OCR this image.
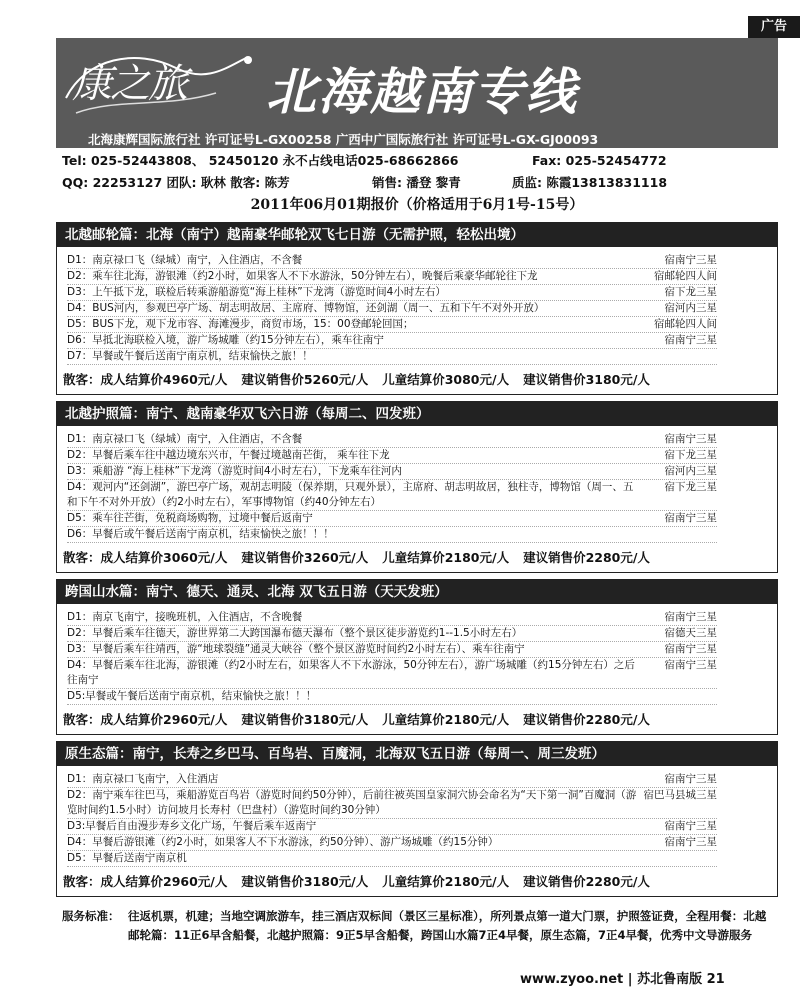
广告
康之旅 北海越南专线
北海康辉国际旅行社 许可证号L-GX00258 广西中广国际旅行社 许可证号L-GX-GJ00093
Tel: 025-52443808、 52450120 永不占线电话025-68662866	Fax: 025-52454772
QQ: 22253127 团队: 耿林 散客: 陈芳	销售: 潘登 黎青	质监: 陈霞13813831118
2011年06月01期报价（价格适用于6月1号-15号）
北越邮轮篇：北海（南宁）越南豪华邮轮双飞七日游（无需护照，轻松出境）
D1：南京禄口飞（绿城）南宁，入住酒店，不含餐	宿南宁三星
D2：乘车往北海，游银滩（约2小时，如果客人不下水游泳，50分钟左右），晚餐后乘豪华邮轮往下龙	宿邮轮四人间
D3：上午抵下龙，联检后转乘游船游览“海上桂林”下龙湾（游览时间4小时左右）	宿下龙三星
D4：BUS河内，参观巴亭广场、胡志明故居、主席府、博物馆，还剑湖（周一、五和下午不对外开放）	宿河内三星
D5：BUS下龙，观下龙市容、海滩漫步，商贸市场，15：00登邮轮回国；	宿邮轮四人间
D6：早抵北海联检入境，游广场城雕（约15分钟左右），乘车往南宁	宿南宁三星
D7：早餐或午餐后送南宁南京机，结束愉快之旅！！
散客：成人结算价4960元/人 建议销售价5260元/人 儿童结算价3080元/人 建议销售价3180元/人
北越护照篇：南宁、越南豪华双飞六日游（每周二、四发班）
D1：南京禄口飞（绿城）南宁，入住酒店，不含餐	宿南宁三星
D2：早餐后乘车往中越边境东兴市，午餐过境越南芒街， 乘车往下龙	宿下龙三星
D3：乘船游 “海上桂林”下龙湾（游览时间4小时左右），下龙乘车往河内	宿河内三星
D4：观河内“还剑湖”，游巴亭广场，观胡志明陵（保养期，只观外景），主席府、胡志明故居，独柱寺，博物馆（周一、五和下午不对外开放）（约2小时左右），军事博物馆（约40分钟左右）
宿下龙三星
D5：乘车往芒街，免税商场购物，过境中餐后返南宁	宿南宁三星
D6：早餐后或午餐后送南宁南京机，结束愉快之旅！！！
散客：成人结算价3060元/人 建议销售价3260元/人 儿童结算价2180元/人 建议销售价2280元/人
跨国山水篇：南宁、德天、通灵、北海 双飞五日游（天天发班）
D1：南京飞南宁，接晚班机，入住酒店，不含晚餐	宿南宁三星
D2：早餐后乘车往德天，游世界第二大跨国瀑布德天瀑布（整个景区徒步游览约1--1.5小时左右）	宿德天三星
D3：早餐后乘车往靖西，游“地球裂缝”通灵大峡谷（整个景区游览时间约2小时左右）、乘车往南宁	宿南宁三星
D4：早餐后乘车往北海，游银滩（约2小时左右，如果客人不下水游泳，50分钟左右），游广场城雕（约15分钟左右）之后往南宁
宿南宁三星
D5:早餐或午餐后送南宁南京机，结束愉快之旅！！！
散客：成人结算价2960元/人 建议销售价3180元/人 儿童结算价2180元/人 建议销售价2280元/人
原生态篇：南宁，长寿之乡巴马、百鸟岩、百魔洞，北海双飞五日游（每周一、周三发班）
D1：南京禄口飞南宁，入住酒店	宿南宁三星
D2：南宁乘车往巴马，乘船游览百鸟岩（游览时间约50分钟），后前往被英国皇家洞穴协会命名为“天下第一洞”百魔洞（游览时间约1.5小时）访问坡月长寿村（巴盘村）（游览时间约30分钟）
宿巴马县城三星
D3:早餐后自由漫步寿乡文化广场，午餐后乘车返南宁	宿南宁三星
D4：早餐后游银滩（约2小时，如果客人不下水游泳，约50分钟）、游广场城雕（约15分钟）	宿南宁三星
D5：早餐后送南宁南京机
散客：成人结算价2960元/人 建议销售价3180元/人 儿童结算价2180元/人 建议销售价2280元/人
服务标准： 往返机票，机建；当地空调旅游车，挂三酒店双标间（景区三星标准），所列景点第一道大门票，护照签证费，全程用餐：北越邮轮篇：11正6早含船餐，北越护照篇：9正5早含船餐，跨国山水篇7正4早餐，原生态篇，7正4早餐，优秀中文导游服务
www.zyoo.net | 苏北鲁南版 21
